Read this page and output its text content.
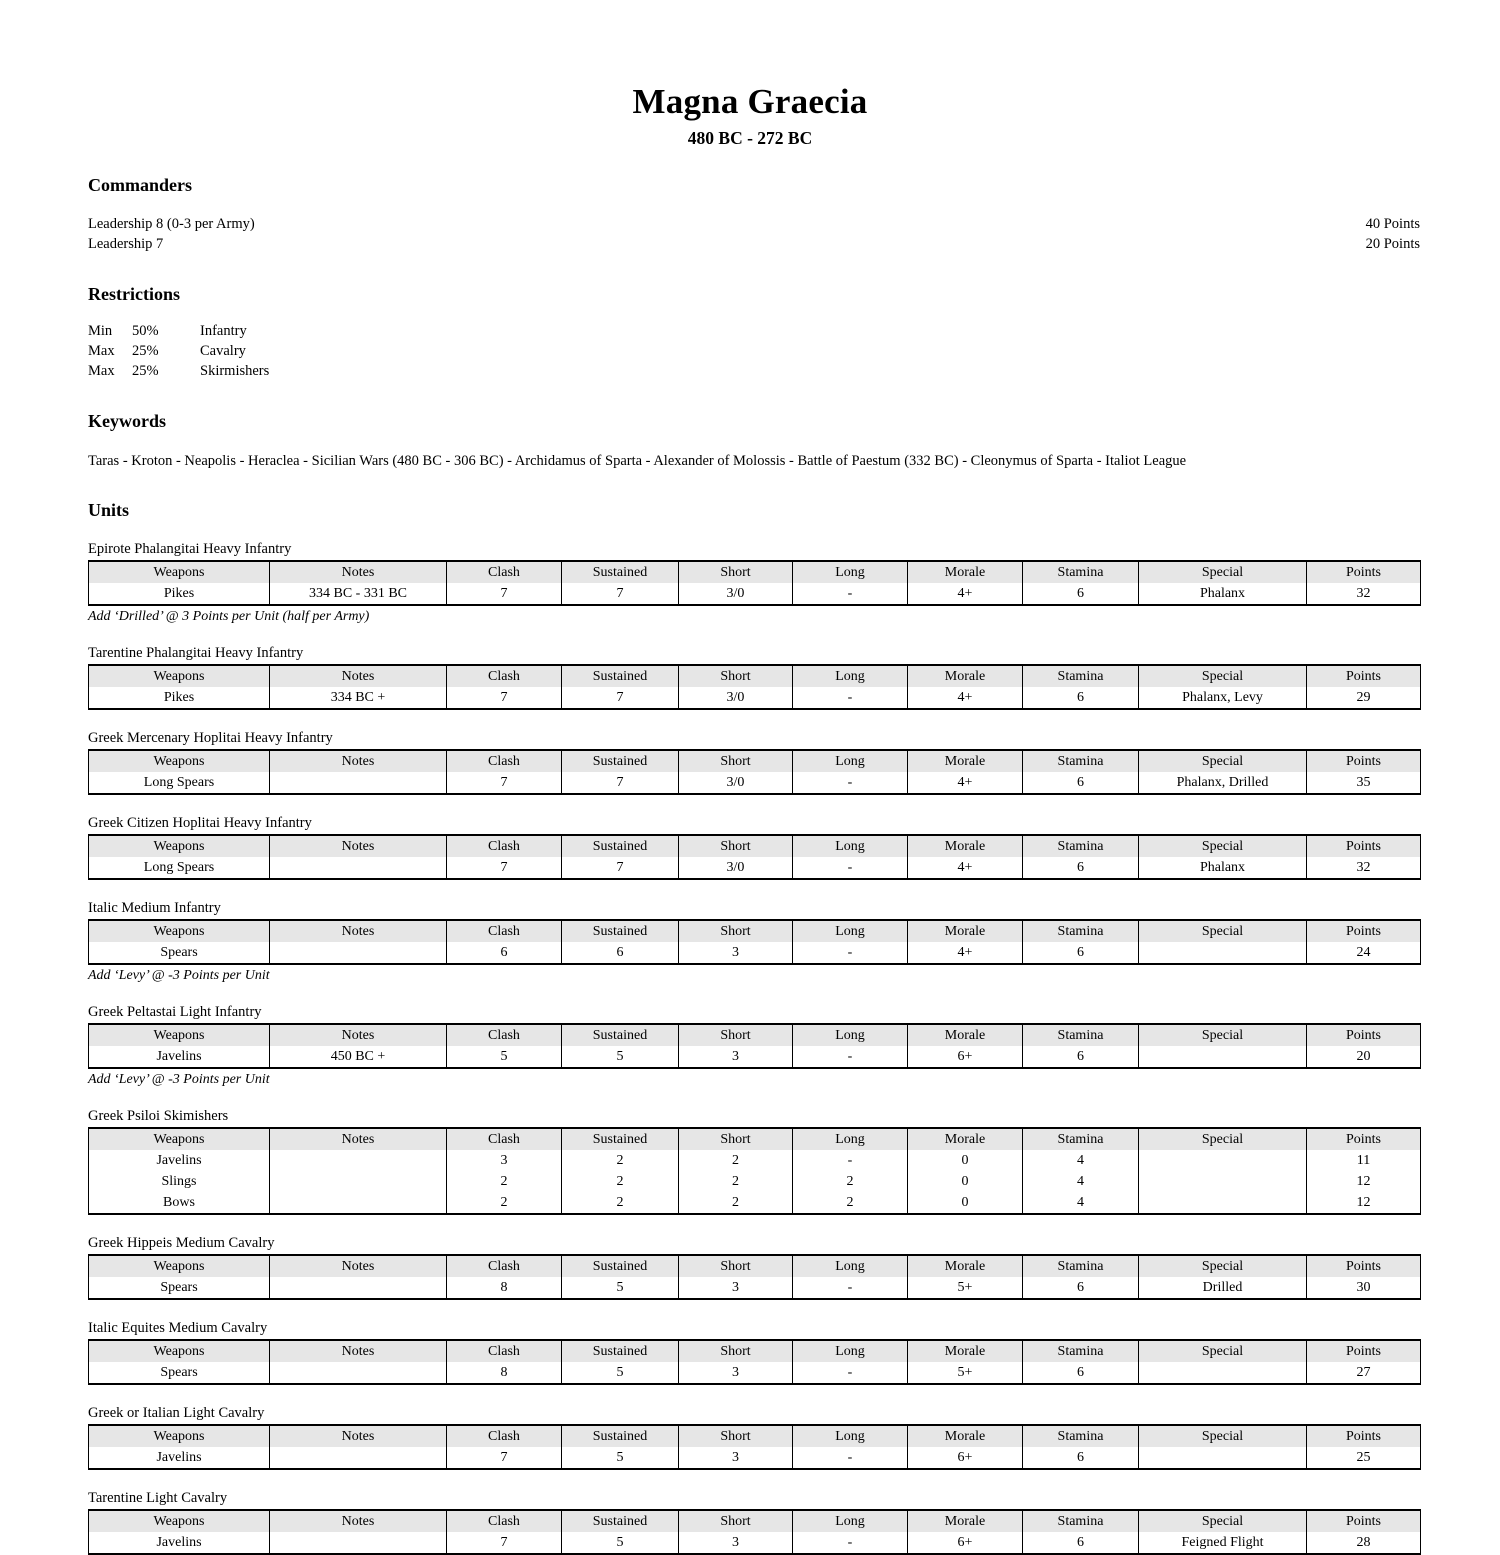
Magna Graecia
480 BC - 272 BC
Commanders
Leadership 8 (0-3 per Army)	40 Points
Leadership 7	20 Points
Restrictions
Min	50%	Infantry
Max	25%	Cavalry
Max	25%	Skirmishers
Keywords
Taras - Kroton - Neapolis - Heraclea - Sicilian Wars (480 BC - 306 BC) - Archidamus of Sparta - Alexander of Molossis - Battle of Paestum (332 BC) - Cleonymus of Sparta - Italiot League
Units
Epirote Phalangitai Heavy Infantry
Weapons	Notes	Clash	Sustained	Short	Long	Morale	Stamina	Special	Points
Pikes	334 BC - 331 BC	7	7	3/0	-	4+	6	Phalanx	32
Add ‘Drilled’ @ 3 Points per Unit (half per Army)
Tarentine Phalangitai Heavy Infantry
Weapons	Notes	Clash	Sustained	Short	Long	Morale	Stamina	Special	Points
Pikes	334 BC +	7	7	3/0	-	4+	6	Phalanx, Levy	29
Greek Mercenary Hoplitai Heavy Infantry
Weapons	Notes	Clash	Sustained	Short	Long	Morale	Stamina	Special	Points
Long Spears		7	7	3/0	-	4+	6	Phalanx, Drilled	35
Greek Citizen Hoplitai Heavy Infantry
Weapons	Notes	Clash	Sustained	Short	Long	Morale	Stamina	Special	Points
Long Spears		7	7	3/0	-	4+	6	Phalanx	32
Italic Medium Infantry
Weapons	Notes	Clash	Sustained	Short	Long	Morale	Stamina	Special	Points
Spears		6	6	3	-	4+	6		24
Add ‘Levy’ @ -3 Points per Unit
Greek Peltastai Light Infantry
Weapons	Notes	Clash	Sustained	Short	Long	Morale	Stamina	Special	Points
Javelins	450 BC +	5	5	3	-	6+	6		20
Add ‘Levy’ @ -3 Points per Unit
Greek Psiloi Skimishers
Weapons	Notes	Clash	Sustained	Short	Long	Morale	Stamina	Special	Points
Javelins		3	2	2	-	0	4		11
Slings		2	2	2	2	0	4		12
Bows		2	2	2	2	0	4		12
Greek Hippeis Medium Cavalry
Weapons	Notes	Clash	Sustained	Short	Long	Morale	Stamina	Special	Points
Spears		8	5	3	-	5+	6	Drilled	30
Italic Equites Medium Cavalry
Weapons	Notes	Clash	Sustained	Short	Long	Morale	Stamina	Special	Points
Spears		8	5	3	-	5+	6		27
Greek or Italian Light Cavalry
Weapons	Notes	Clash	Sustained	Short	Long	Morale	Stamina	Special	Points
Javelins		7	5	3	-	6+	6		25
Tarentine Light Cavalry
Weapons	Notes	Clash	Sustained	Short	Long	Morale	Stamina	Special	Points
Javelins		7	5	3	-	6+	6	Feigned Flight	28
